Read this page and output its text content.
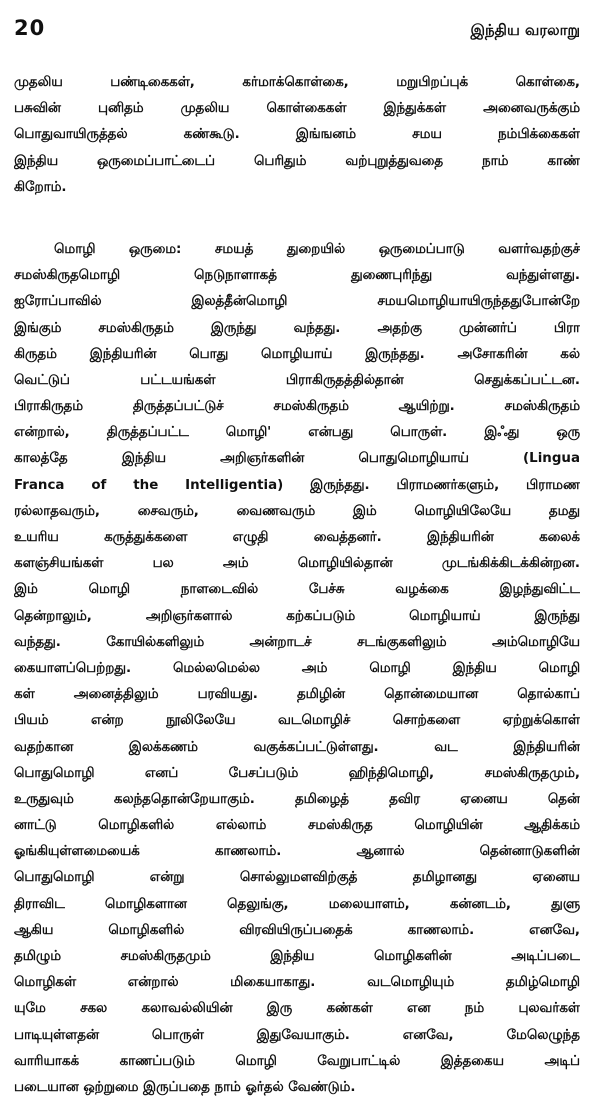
20	இந்திய வரலாறு
முதலிய பண்டிகைகள், கர்மாக்கொள்கை, மறுபிறப்புக் கொள்கை,
பசுவின் புனிதம் முதலிய கொள்கைகள் இந்துக்கள் அனைவருக்கும்
பொதுவாயிருத்தல் கண்கூடு. இங்ஙனம் சமய நம்பிக்கைகள்
இந்திய ஒருமைப்பாட்டைப் பெரிதும் வற்புறுத்துவதை நாம் காண்
கிறோம்.
மொழி ஒருமை: சமயத் துறையில் ஒருமைப்பாடு வளர்வதற்குச்
சமஸ்கிருதமொழி நெடுநாளாகத் துணைபுரிந்து வந்துள்ளது.
ஐரோப்பாவில் இலத்தீன்மொழி சமயமொழியாயிருந்ததுபோன்றே
இங்கும் சமஸ்கிருதம் இருந்து வந்தது. அதற்கு முன்னர்ப் பிரா
கிருதம் இந்தியரின் பொது மொழியாய் இருந்தது. அசோகரின் கல்
வெட்டுப் பட்டயங்கள் பிராகிருதத்தில்தான் செதுக்கப்பட்டன.
பிராகிருதம் திருத்தப்பட்டுச் சமஸ்கிருதம் ஆயிற்று. சமஸ்கிருதம்
என்றால், திருத்தப்பட்ட மொழி' என்பது பொருள். இஃது ஒரு
காலத்தே இந்திய அறிஞர்களின் பொதுமொழியாய் (Lingua
Franca of the Intelligentia) இருந்தது. பிராமணர்களும், பிராமண
ரல்லாதவரும், சைவரும், வைணவரும் இம் மொழியிலேயே தமது
உயரிய கருத்துக்களை எழுதி வைத்தனர். இந்தியரின் கலைக்
களஞ்சியங்கள் பல அம் மொழியில்தான் முடங்கிக்கிடக்கின்றன.
இம் மொழி நாளடைவில் பேச்சு வழக்கை இழந்துவிட்ட
தென்றாலும், அறிஞர்களால் கற்கப்படும் மொழியாய் இருந்து
வந்தது. கோயில்களிலும் அன்றாடச் சடங்குகளிலும் அம்மொழியே
கையாளப்பெற்றது. மெல்லமெல்ல அம் மொழி இந்திய மொழி
கள் அனைத்திலும் பரவியது. தமிழின் தொன்மையான தொல்காப்
பியம் என்ற நூலிலேயே வடமொழிச் சொற்களை ஏற்றுக்கொள்
வதற்கான இலக்கணம் வகுக்கப்பட்டுள்ளது. வட இந்தியரின்
பொதுமொழி எனப் பேசப்படும் ஹிந்திமொழி, சமஸ்கிருதமும்,
உருதுவும் கலந்ததொன்றேயாகும். தமிழைத் தவிர ஏனைய தென்
னாட்டு மொழிகளில் எல்லாம் சமஸ்கிருத மொழியின் ஆதிக்கம்
ஓங்கியுள்ளமையைக் காணலாம். ஆனால் தென்னாடுகளின்
பொதுமொழி என்று சொல்லுமளவிற்குத் தமிழானது ஏனைய
திராவிட மொழிகளான தெலுங்கு, மலையாளம், கன்னடம், துளு
ஆகிய மொழிகளில் விரவியிருப்பதைக் காணலாம். எனவே,
தமிழும் சமஸ்கிருதமும் இந்திய மொழிகளின் அடிப்படை
மொழிகள் என்றால் மிகையாகாது. வடமொழியும் தமிழ்மொழி
யுமே சகல கலாவல்லியின் இரு கண்கள் என நம் புலவர்கள்
பாடியுள்ளதன் பொருள் இதுவேயாகும். எனவே, மேலெழுந்த
வாரியாகக் காணப்படும் மொழி வேறுபாட்டில் இத்தகைய அடிப்
படையான ஒற்றுமை இருப்பதை நாம் ஓர்தல் வேண்டும்.
